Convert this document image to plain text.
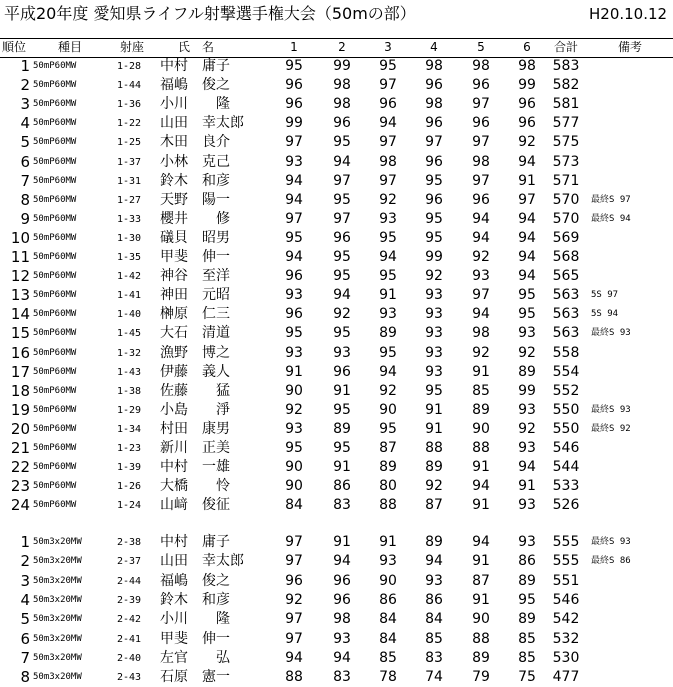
平成20年度 愛知県ライフル射撃選手権大会（50mの部）	H20.10.12
順位	種目	射座	氏　名	1	2	3	4	5	6	合計	備考
1 50mP60MW	1-28	中村　庸子	95	99	95	98	98	98	583
2 50mP60MW	1-44	福嶋　俊之	96	98	97	96	96	99	582
3 50mP60MW	1-36	小川　　隆	96	98	96	98	97	96	581
4 50mP60MW	1-22	山田　幸太郎	99	96	94	96	96	96	577
5 50mP60MW	1-25	木田　良介	97	95	97	97	97	92	575
6 50mP60MW	1-37	小林　克己	93	94	98	96	98	94	573
7 50mP60MW	1-31	鈴木　和彦	94	97	97	95	97	91	571
8 50mP60MW	1-27	天野　陽一	94	95	92	96	96	97	570	最終S 97
9 50mP60MW	1-33	櫻井　　修	97	97	93	95	94	94	570	最終S 94
10 50mP60MW	1-30	礒貝　昭男	95	96	95	95	94	94	569
11 50mP60MW	1-35	甲斐　伸一	94	95	94	99	92	94	568
12 50mP60MW	1-42	神谷　至洋	96	95	95	92	93	94	565
13 50mP60MW	1-41	神田　元昭	93	94	91	93	97	95	563	5S 97
14 50mP60MW	1-40	榊原　仁三	96	92	93	93	94	95	563	5S 94
15 50mP60MW	1-45	大石　清道	95	95	89	93	98	93	563	最終S 93
16 50mP60MW	1-32	漁野　博之	93	93	95	93	92	92	558
17 50mP60MW	1-43	伊藤　義人	91	96	94	93	91	89	554
18 50mP60MW	1-38	佐藤　　猛	90	91	92	95	85	99	552
19 50mP60MW	1-29	小島　　淨	92	95	90	91	89	93	550	最終S 93
20 50mP60MW	1-34	村田　康男	93	89	95	91	90	92	550	最終S 92
21 50mP60MW	1-23	新川　正美	95	95	87	88	88	93	546
22 50mP60MW	1-39	中村　一雄	90	91	89	89	91	94	544
23 50mP60MW	1-26	大橋　　怜	90	86	80	92	94	91	533
24 50mP60MW	1-24	山﨑　俊征	84	83	88	87	91	93	526
1 50m3x20MW	2-38	中村　庸子	97	91	91	89	94	93	555	最終S 93
2 50m3x20MW	2-37	山田　幸太郎	97	94	93	94	91	86	555	最終S 86
3 50m3x20MW	2-44	福嶋　俊之	96	96	90	93	87	89	551
4 50m3x20MW	2-39	鈴木　和彦	92	96	86	86	91	95	546
5 50m3x20MW	2-42	小川　　隆	97	98	84	84	90	89	542
6 50m3x20MW	2-41	甲斐　伸一	97	93	84	85	88	85	532
7 50m3x20MW	2-40	左官　　弘	94	94	85	83	89	85	530
8 50m3x20MW	2-43	石原　憲一	88	83	78	74	79	75	477
